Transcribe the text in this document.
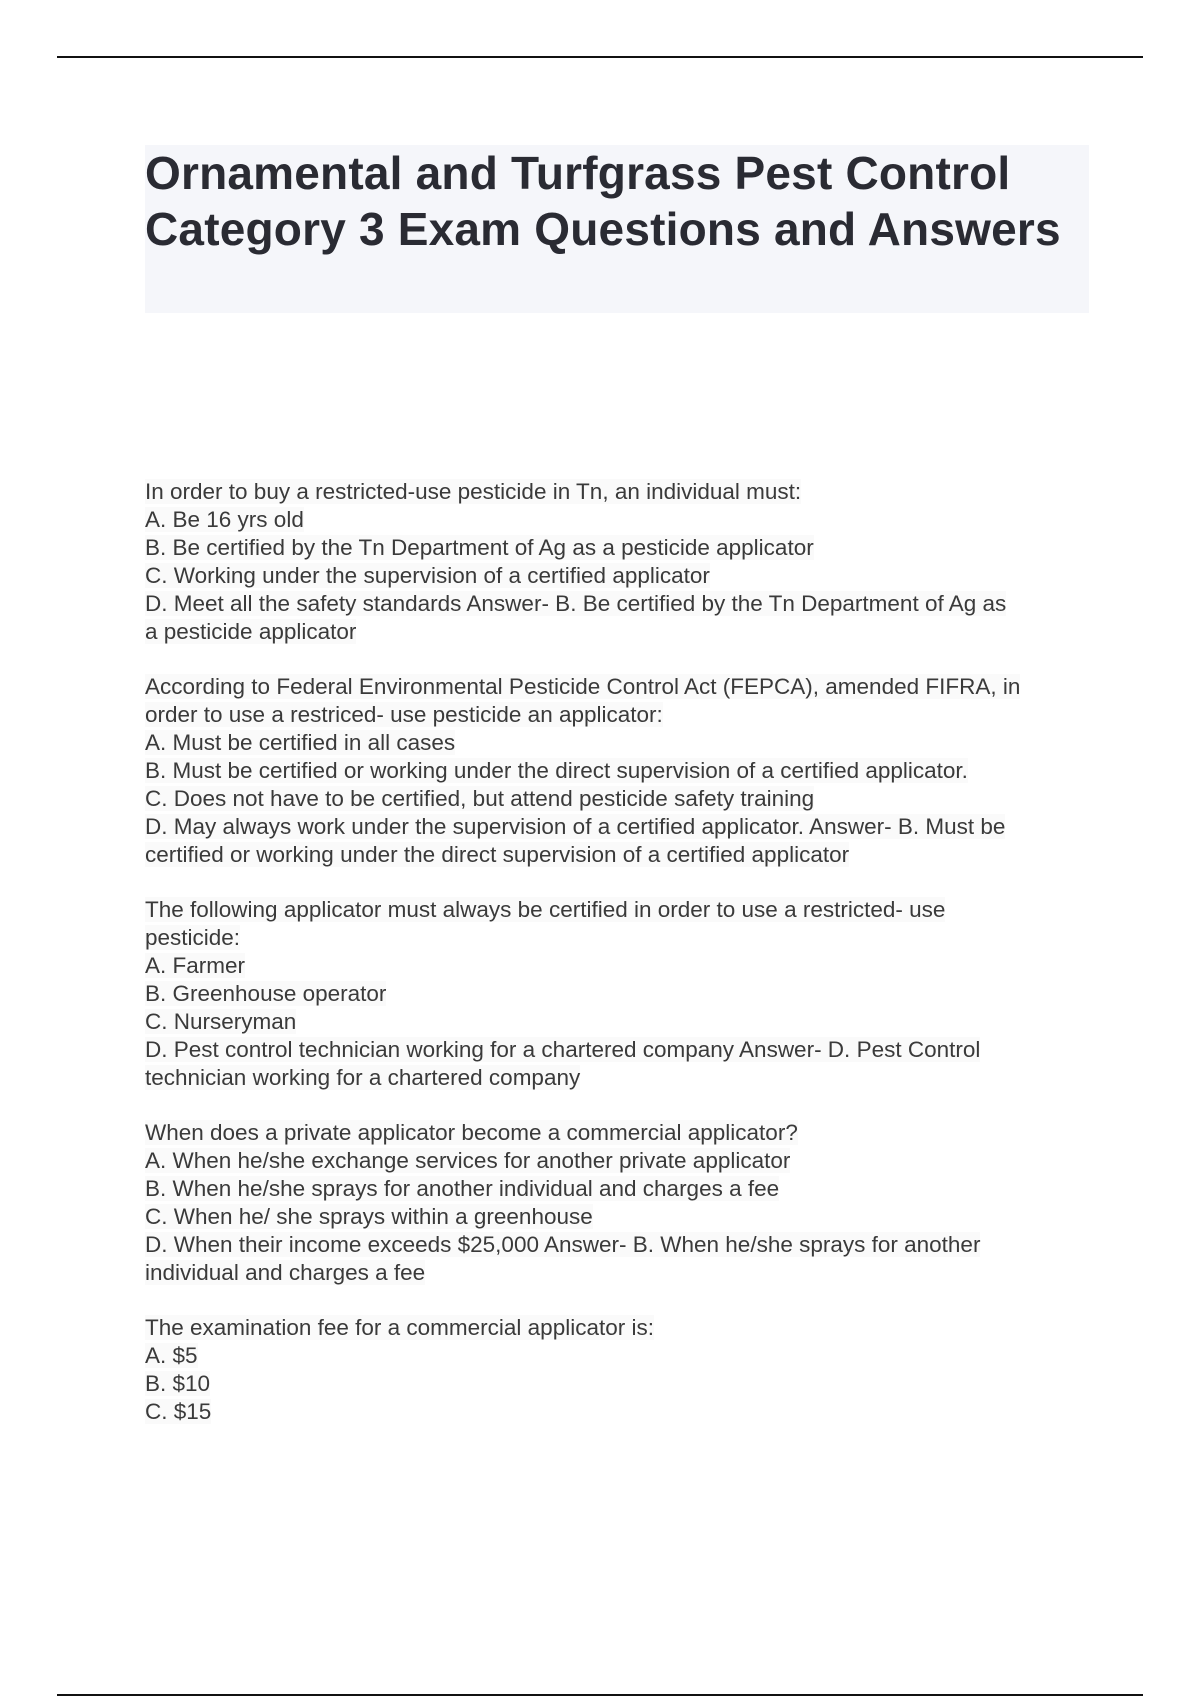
Ornamental and Turfgrass Pest Control Category 3 Exam Questions and Answers
In order to buy a restricted-use pesticide in Tn, an individual must:
A. Be 16 yrs old
B. Be certified by the Tn Department of Ag as a pesticide applicator
C. Working under the supervision of a certified applicator
D. Meet all the safety standards Answer- B. Be certified by the Tn Department of Ag as
a pesticide applicator
According to Federal Environmental Pesticide Control Act (FEPCA), amended FIFRA, in
order to use a restriced- use pesticide an applicator:
A. Must be certified in all cases
B. Must be certified or working under the direct supervision of a certified applicator.
C. Does not have to be certified, but attend pesticide safety training
D. May always work under the supervision of a certified applicator. Answer- B. Must be
certified or working under the direct supervision of a certified applicator
The following applicator must always be certified in order to use a restricted- use
pesticide:
A. Farmer
B. Greenhouse operator
C. Nurseryman
D. Pest control technician working for a chartered company Answer- D. Pest Control
technician working for a chartered company
When does a private applicator become a commercial applicator?
A. When he/she exchange services for another private applicator
B. When he/she sprays for another individual and charges a fee
C. When he/ she sprays within a greenhouse
D. When their income exceeds $25,000 Answer- B. When he/she sprays for another
individual and charges a fee
The examination fee for a commercial applicator is:
A. $5
B. $10
C. $15
